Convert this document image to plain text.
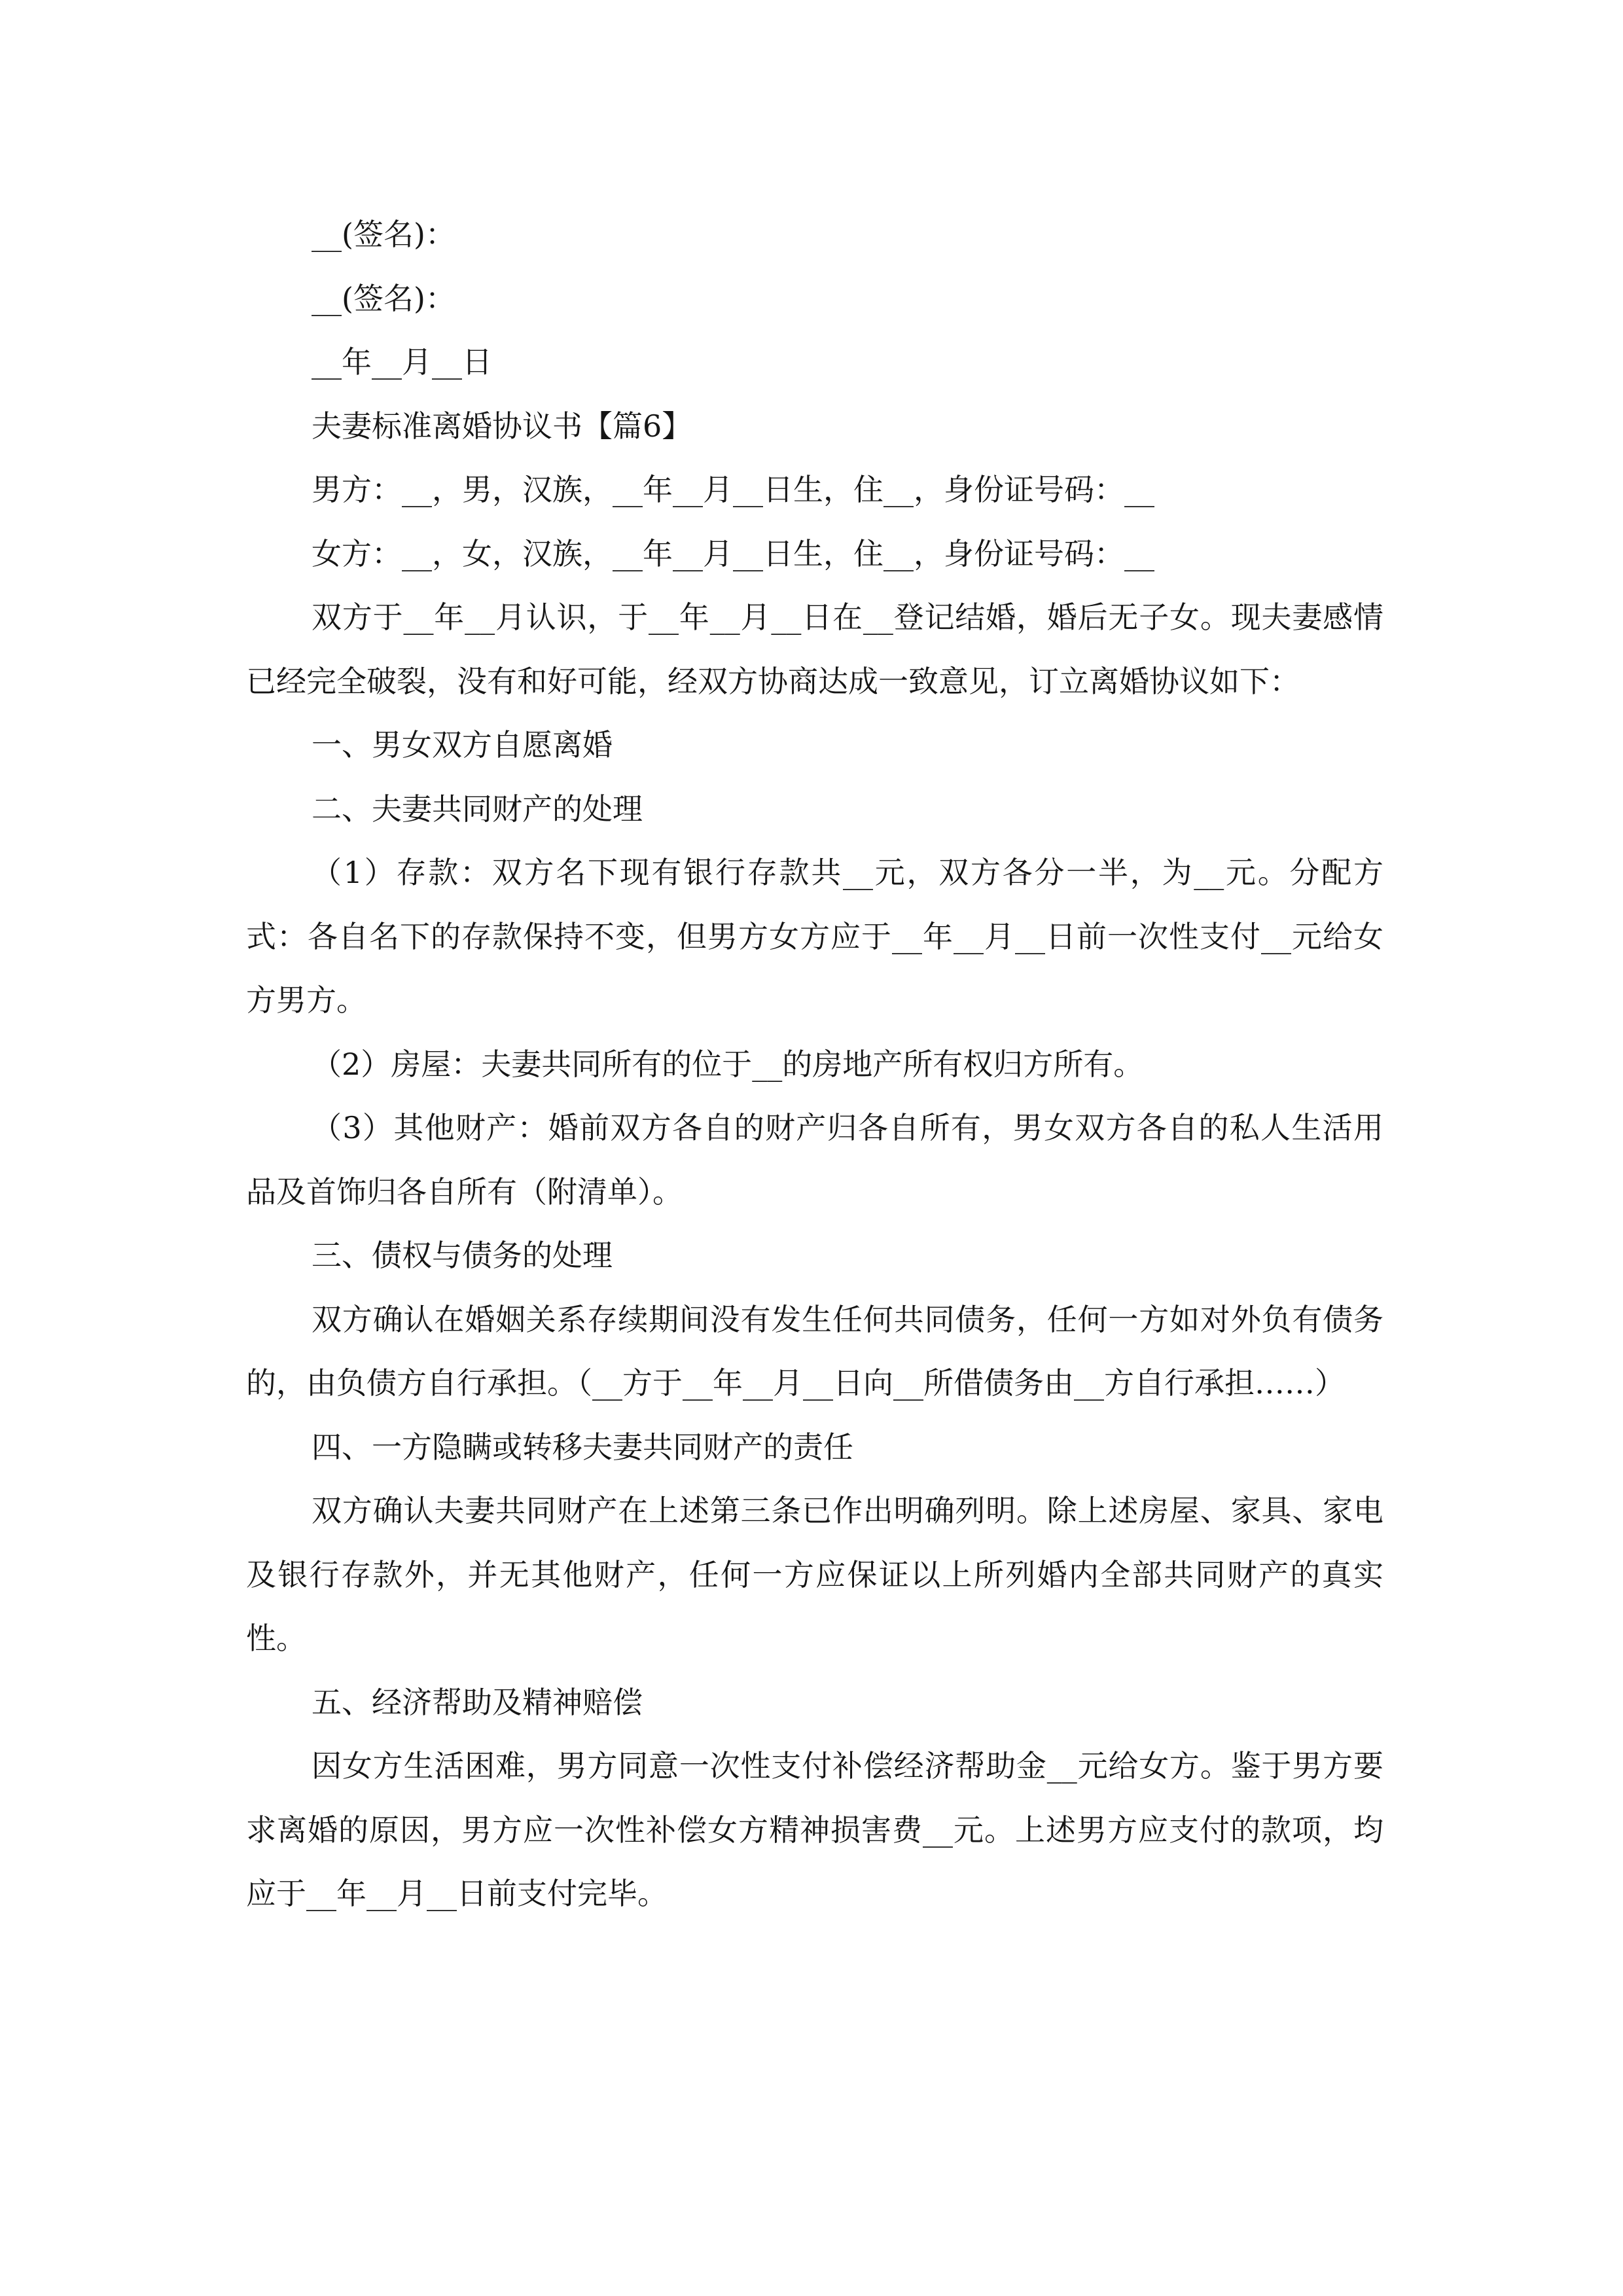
__(签名)：

__(签名)：

__年__月__日

夫妻标准离婚协议书【篇6】

男方：__，男，汉族，__年__月__日生，住__，身份证号码：__

女方：__，女，汉族，__年__月__日生，住__，身份证号码：__

双方于__年__月认识，于__年__月__日在__登记结婚，婚后无子女。现夫妻感情已经完全破裂，没有和好可能，经双方协商达成一致意见，订立离婚协议如下：

一、男女双方自愿离婚

二、夫妻共同财产的处理

（1）存款：双方名下现有银行存款共__元，双方各分一半，为__元。分配方式：各自名下的存款保持不变，但男方女方应于__年__月__日前一次性支付__元给女方男方。

（2）房屋：夫妻共同所有的位于__的房地产所有权归方所有。

（3）其他财产：婚前双方各自的财产归各自所有，男女双方各自的私人生活用品及首饰归各自所有（附清单）。

三、债权与债务的处理

双方确认在婚姻关系存续期间没有发生任何共同债务，任何一方如对外负有债务的，由负债方自行承担。（__方于__年__月__日向__所借债务由__方自行承担……）

四、一方隐瞒或转移夫妻共同财产的责任

双方确认夫妻共同财产在上述第三条已作出明确列明。除上述房屋、家具、家电及银行存款外，并无其他财产，任何一方应保证以上所列婚内全部共同财产的真实性。

五、经济帮助及精神赔偿

因女方生活困难，男方同意一次性支付补偿经济帮助金__元给女方。鉴于男方要求离婚的原因，男方应一次性补偿女方精神损害费__元。上述男方应支付的款项，均应于__年__月__日前支付完毕。
